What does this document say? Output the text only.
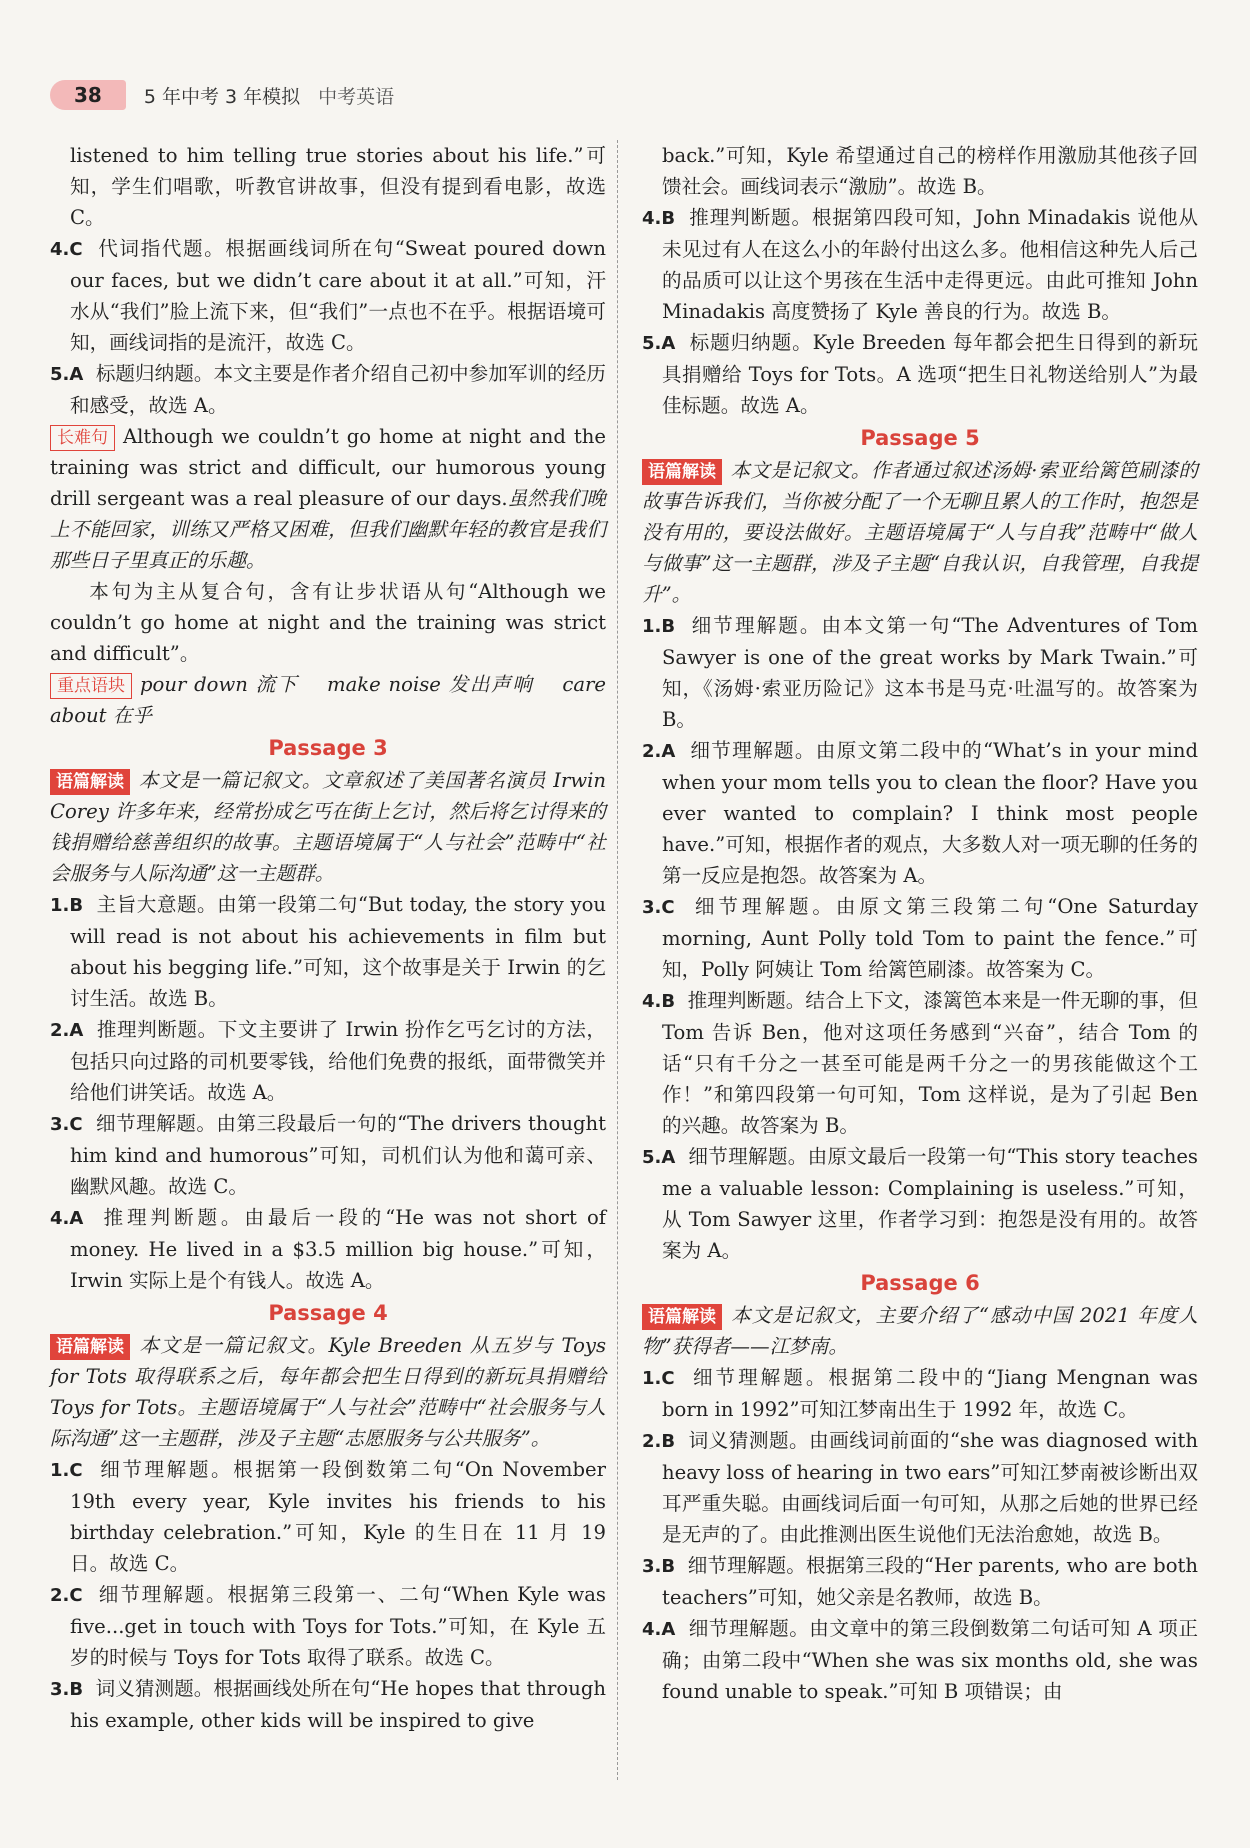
38	5 年中考 3 年模拟 中考英语

listened to him telling true stories about his life.”可知，学生们唱歌，听教官讲故事，但没有提到看电影，故选 C。

4.C 代词指代题。根据画线词所在句“Sweat poured down our faces, but we didn’t care about it at all.”可知，汗水从“我们”脸上流下来，但“我们”一点也不在乎。根据语境可知，画线词指的是流汗，故选 C。

5.A 标题归纳题。本文主要是作者介绍自己初中参加军训的经历和感受，故选 A。

长难句 Although we couldn’t go home at night and the training was strict and difficult, our humorous young drill sergeant was a real pleasure of our days.虽然我们晚上不能回家，训练又严格又困难，但我们幽默年轻的教官是我们那些日子里真正的乐趣。

本句为主从复合句，含有让步状语从句“Although we couldn’t go home at night and the training was strict and difficult”。

重点语块 pour down 流下　 make noise 发出声响　 care about 在乎

Passage 3

语篇解读 本文是一篇记叙文。文章叙述了美国著名演员 Irwin Corey 许多年来，经常扮成乞丐在街上乞讨，然后将乞讨得来的钱捐赠给慈善组织的故事。主题语境属于“人与社会”范畴中“社会服务与人际沟通”这一主题群。

1.B 主旨大意题。由第一段第二句“But today, the story you will read is not about his achievements in film but about his begging life.”可知，这个故事是关于 Irwin 的乞讨生活。故选 B。

2.A 推理判断题。下文主要讲了 Irwin 扮作乞丐乞讨的方法，包括只向过路的司机要零钱，给他们免费的报纸，面带微笑并给他们讲笑话。故选 A。

3.C 细节理解题。由第三段最后一句的“The drivers thought him kind and humorous”可知，司机们认为他和蔼可亲、幽默风趣。故选 C。

4.A 推理判断题。由最后一段的“He was not short of money. He lived in a $3.5 million big house.”可知，Irwin 实际上是个有钱人。故选 A。

Passage 4

语篇解读 本文是一篇记叙文。Kyle Breeden 从五岁与 Toys for Tots 取得联系之后，每年都会把生日得到的新玩具捐赠给 Toys for Tots。主题语境属于“人与社会”范畴中“社会服务与人际沟通”这一主题群，涉及子主题“志愿服务与公共服务”。

1.C 细节理解题。根据第一段倒数第二句“On November 19th every year, Kyle invites his friends to his birthday celebration.”可知，Kyle 的生日在 11 月 19 日。故选 C。

2.C 细节理解题。根据第三段第一、二句“When Kyle was five...get in touch with Toys for Tots.”可知，在 Kyle 五岁的时候与 Toys for Tots 取得了联系。故选 C。

3.B 词义猜测题。根据画线处所在句“He hopes that through his example, other kids will be inspired to give

back.”可知，Kyle 希望通过自己的榜样作用激励其他孩子回馈社会。画线词表示“激励”。故选 B。

4.B 推理判断题。根据第四段可知，John Minadakis 说他从未见过有人在这么小的年龄付出这么多。他相信这种先人后己的品质可以让这个男孩在生活中走得更远。由此可推知 John Minadakis 高度赞扬了 Kyle 善良的行为。故选 B。

5.A 标题归纳题。Kyle Breeden 每年都会把生日得到的新玩具捐赠给 Toys for Tots。A 选项“把生日礼物送给别人”为最佳标题。故选 A。

Passage 5

语篇解读 本文是记叙文。作者通过叙述汤姆·索亚给篱笆刷漆的故事告诉我们，当你被分配了一个无聊且累人的工作时，抱怨是没有用的，要设法做好。主题语境属于“人与自我”范畴中“做人与做事”这一主题群，涉及子主题“自我认识，自我管理，自我提升”。

1.B 细节理解题。由本文第一句“The Adventures of Tom Sawyer is one of the great works by Mark Twain.”可知，《汤姆·索亚历险记》这本书是马克·吐温写的。故答案为 B。

2.A 细节理解题。由原文第二段中的“What’s in your mind when your mom tells you to clean the floor? Have you ever wanted to complain? I think most people have.”可知，根据作者的观点，大多数人对一项无聊的任务的第一反应是抱怨。故答案为 A。

3.C 细节理解题。由原文第三段第二句“One Saturday morning, Aunt Polly told Tom to paint the fence.”可知，Polly 阿姨让 Tom 给篱笆刷漆。故答案为 C。

4.B 推理判断题。结合上下文，漆篱笆本来是一件无聊的事，但 Tom 告诉 Ben，他对这项任务感到“兴奋”，结合 Tom 的话“只有千分之一甚至可能是两千分之一的男孩能做这个工作！”和第四段第一句可知，Tom 这样说，是为了引起 Ben 的兴趣。故答案为 B。

5.A 细节理解题。由原文最后一段第一句“This story teaches me a valuable lesson: Complaining is useless.”可知，从 Tom Sawyer 这里，作者学习到：抱怨是没有用的。故答案为 A。

Passage 6

语篇解读 本文是记叙文，主要介绍了“感动中国 2021 年度人物”获得者——江梦南。

1.C 细节理解题。根据第二段中的“Jiang Mengnan was born in 1992”可知江梦南出生于 1992 年，故选 C。

2.B 词义猜测题。由画线词前面的“she was diagnosed with heavy loss of hearing in two ears”可知江梦南被诊断出双耳严重失聪。由画线词后面一句可知，从那之后她的世界已经是无声的了。由此推测出医生说他们无法治愈她，故选 B。

3.B 细节理解题。根据第三段的“Her parents, who are both teachers”可知，她父亲是名教师，故选 B。

4.A 细节理解题。由文章中的第三段倒数第二句话可知 A 项正确；由第二段中“When she was six months old, she was found unable to speak.”可知 B 项错误；由
